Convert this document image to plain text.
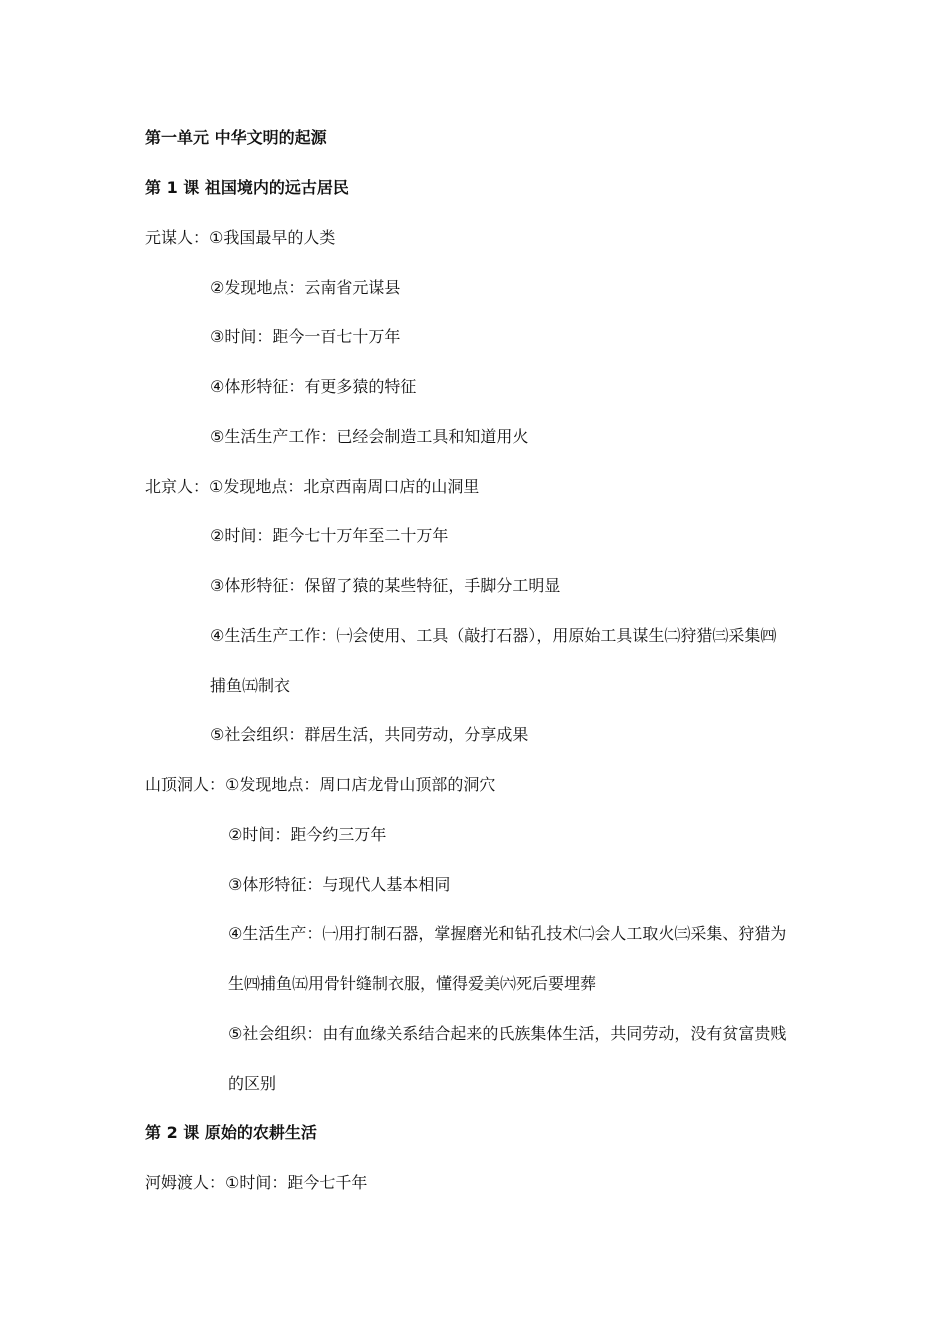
第一单元 中华文明的起源
第 1 课 祖国境内的远古居民
元谋人：①我国最早的人类
②发现地点：云南省元谋县
③时间：距今一百七十万年
④体形特征：有更多猿的特征
⑤生活生产工作：已经会制造工具和知道用火
北京人：①发现地点：北京西南周口店的山洞里
②时间：距今七十万年至二十万年
③体形特征：保留了猿的某些特征，手脚分工明显
④生活生产工作：㈠会使用、工具（敲打石器），用原始工具谋生㈡狩猎㈢采集㈣
捕鱼㈤制衣
⑤社会组织：群居生活，共同劳动，分享成果
山顶洞人：①发现地点：周口店龙骨山顶部的洞穴
②时间：距今约三万年
③体形特征：与现代人基本相同
④生活生产：㈠用打制石器，掌握磨光和钻孔技术㈡会人工取火㈢采集、狩猎为
生㈣捕鱼㈤用骨针缝制衣服，懂得爱美㈥死后要埋葬
⑤社会组织：由有血缘关系结合起来的氏族集体生活，共同劳动，没有贫富贵贱
的区别
第 2 课 原始的农耕生活
河姆渡人：①时间：距今七千年
